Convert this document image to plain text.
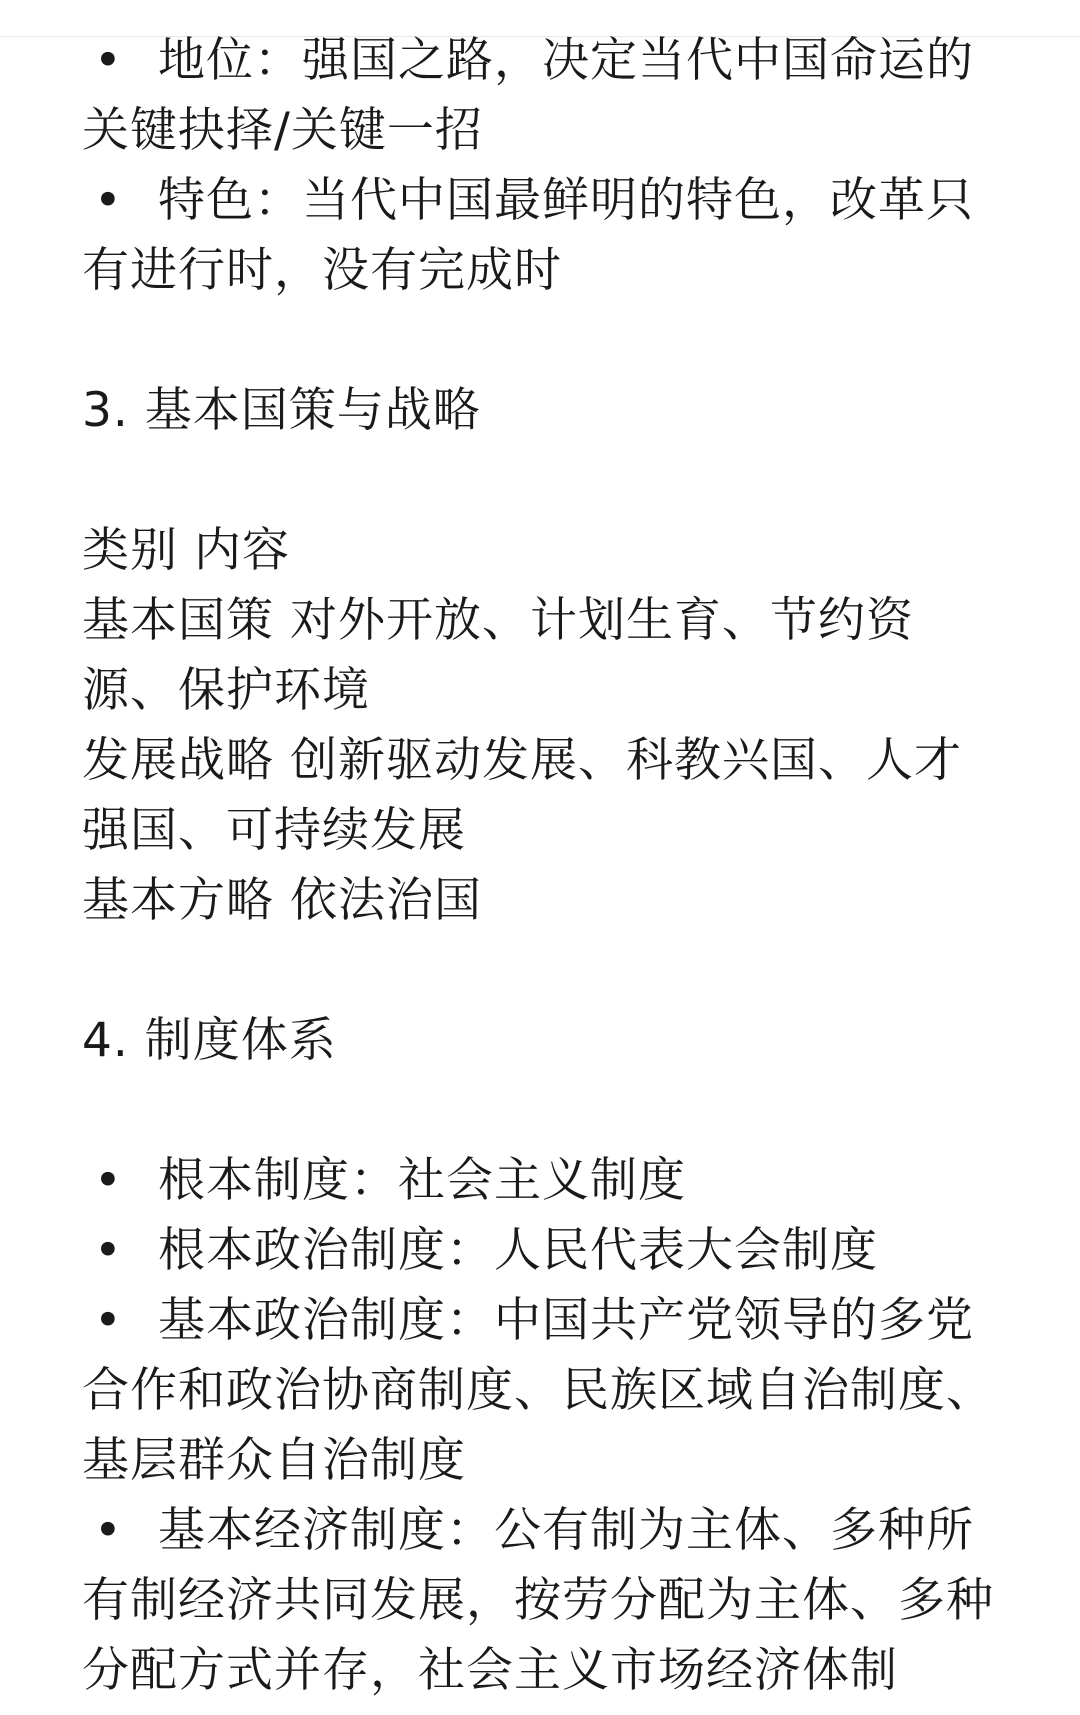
• 地位：强国之路，决定当代中国命运的关键抉择/关键一招

• 特色：当代中国最鲜明的特色，改革只有进行时，没有完成时

3. 基本国策与战略

类别 内容

基本国策 对外开放、计划生育、节约资源、保护环境

发展战略 创新驱动发展、科教兴国、人才强国、可持续发展

基本方略 依法治国

4. 制度体系

• 根本制度：社会主义制度

• 根本政治制度：人民代表大会制度

• 基本政治制度：中国共产党领导的多党合作和政治协商制度、民族区域自治制度、基层群众自治制度

• 基本经济制度：公有制为主体、多种所有制经济共同发展，按劳分配为主体、多种分配方式并存，社会主义市场经济体制
